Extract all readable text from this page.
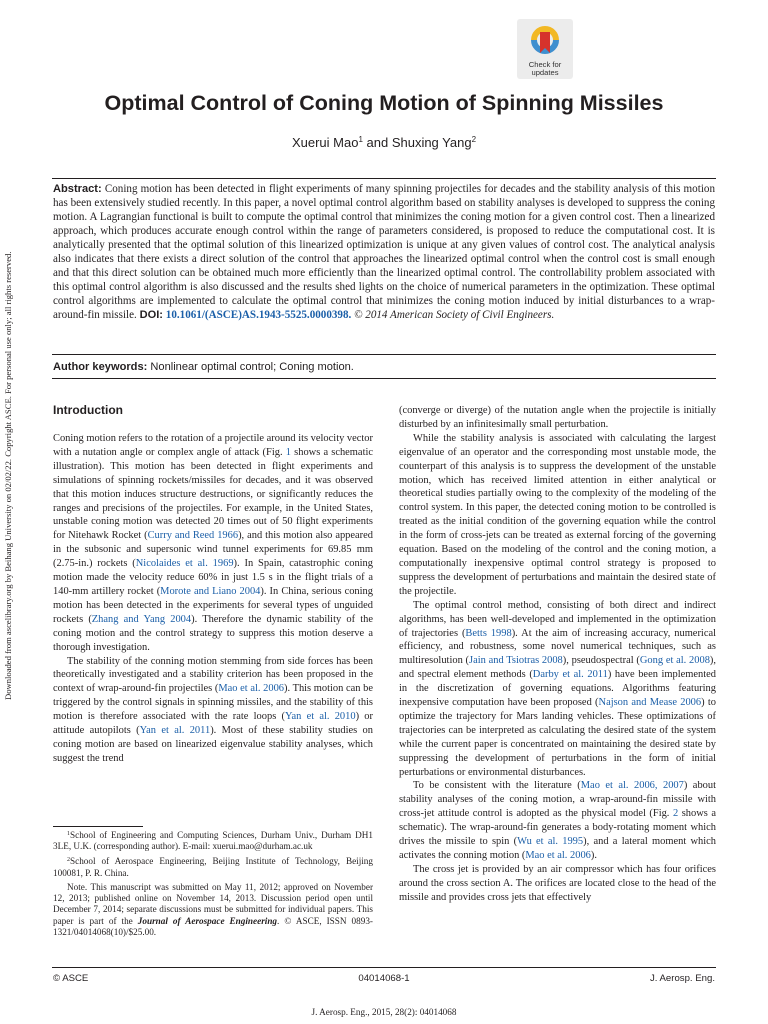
Downloaded from ascelibrary.org by Beihang University on 02/02/22. Copyright ASCE. For personal use only; all rights reserved.
Check for
updates
Optimal Control of Coning Motion of Spinning Missiles
Xuerui Mao$^1$ and Shuxing Yang$^2$
Abstract: Coning motion has been detected in flight experiments of many spinning projectiles for decades and the stability analysis of this motion has been extensively studied recently. In this paper, a novel optimal control algorithm based on stability analyses is developed to suppress the coning motion. A Lagrangian functional is built to compute the optimal control that minimizes the coning motion for a given control cost. Then a linearized approach, which produces accurate enough control within the range of parameters considered, is proposed to reduce the computational cost. It is analytically presented that the optimal solution of this linearized optimization is unique at any given values of control cost. The analytical analysis also indicates that there exists a direct solution of the control that approaches the linearized optimal control when the control cost is small enough and that this direct solution can be obtained much more efficiently than the linearized optimal control. The controllability problem associated with this optimal control algorithm is also discussed and the results shed lights on the choice of numerical parameters in the optimization. These optimal control algorithms are implemented to calculate the optimal control that minimizes the coning motion induced by initial disturbances to a wrap-around-fin missile. DOI: 10.1061/(ASCE)AS.1943-5525.0000398. © 2014 American Society of Civil Engineers.
Author keywords: Nonlinear optimal control; Coning motion.
Introduction

Coning motion refers to the rotation of a projectile around its velocity vector with a nutation angle or complex angle of attack (Fig. 1 shows a schematic illustration). This motion has been detected in flight experiments and simulations of spinning rockets/missiles for decades, and it was observed that this motion induces structure destructions, or significantly reduces the ranges and precisions of the projectiles. For example, in the United States, unstable coning motion was detected 20 times out of 50 flight experiments for Nitehawk Rocket (Curry and Reed 1966), and this motion also appeared in the subsonic and supersonic wind tunnel experiments for 69.85 mm (2.75-in.) rockets (Nicolaides et al. 1969). In Spain, catastrophic coning motion made the velocity reduce 60% in just 1.5 s in the flight trials of a 140-mm artillery rocket (Morote and Liano 2004). In China, serious coning motion has been detected in the experiments for several types of unguided rockets (Zhang and Yang 2004). Therefore the dynamic stability of the coning motion and the control strategy to suppress this motion deserve a thorough investigation.

The stability of the conning motion stemming from side forces has been theoretically investigated and a stability criterion has been proposed in the context of wrap-around-fin projectiles (Mao et al. 2006). This motion can be triggered by the control signals in spinning missiles, and the stability of this motion is therefore associated with the rate loops (Yan et al. 2010) or attitude autopilots (Yan et al. 2011). Most of these stability studies on coning motion are based on linearized eigenvalue stability analyses, which suggest the trend

(converge or diverge) of the nutation angle when the projectile is initially disturbed by an infinitesimally small perturbation.

While the stability analysis is associated with calculating the largest eigenvalue of an operator and the corresponding most unstable mode, the counterpart of this analysis is to suppress the development of the unstable motion, which has received limited attention in either analytical or theoretical studies partially owing to the complexity of the modeling of the control system. In this paper, the detected coning motion to be controlled is treated as the initial condition of the governing equation while the control in the form of cross-jets can be treated as external forcing of the governing equation. Based on the modeling of the control and the coning motion, a computationally inexpensive optimal control strategy is proposed to suppress the development of perturbations and maintain the desired state of the projectile.

The optimal control method, consisting of both direct and indirect algorithms, has been well-developed and implemented in the optimization of trajectories (Betts 1998). At the aim of increasing accuracy, numerical efficiency, and robustness, some novel numerical techniques, such as multiresolution (Jain and Tsiotras 2008), pseudospectral (Gong et al. 2008), and spectral element methods (Darby et al. 2011) have been implemented in the discretization of governing equations. Algorithms featuring inexpensive computation have been proposed (Najson and Mease 2006) to optimize the trajectory for Mars landing vehicles. These optimizations of trajectories can be interpreted as calculating the desired state of the system while the current paper is concentrated on maintaining the desired state by suppressing the development of perturbations in the form of initial perturbations or environmental disturbances.

To be consistent with the literature (Mao et al. 2006, 2007) about stability analyses of the coning motion, a wrap-around-fin missile with cross-jet attitude control is adopted as the physical model (Fig. 2 shows a schematic). The wrap-around-fin generates a body-rotating moment which drives the missile to spin (Wu et al. 1995), and a lateral moment which activates the conning motion (Mao et al. 2006).

The cross jet is provided by an air compressor which has four orifices around the cross section A. The orifices are located close to the head of the missile and provides cross jets that effectively

$^1$School of Engineering and Computing Sciences, Durham Univ., Durham DH1 3LE, U.K. (corresponding author). E-mail: xuerui.mao@durham.ac.uk

$^2$School of Aerospace Engineering, Beijing Institute of Technology, Beijing 100081, P. R. China.

Note. This manuscript was submitted on May 11, 2012; approved on November 12, 2013; published online on November 14, 2013. Discussion period open until December 7, 2014; separate discussions must be submitted for individual papers. This paper is part of the Journal of Aerospace Engineering. © ASCE, ISSN 0893-1321/04014068(10)/$25.00.

© ASCE	04014068-1	J. Aerosp. Eng.
J. Aerosp. Eng., 2015, 28(2): 04014068
